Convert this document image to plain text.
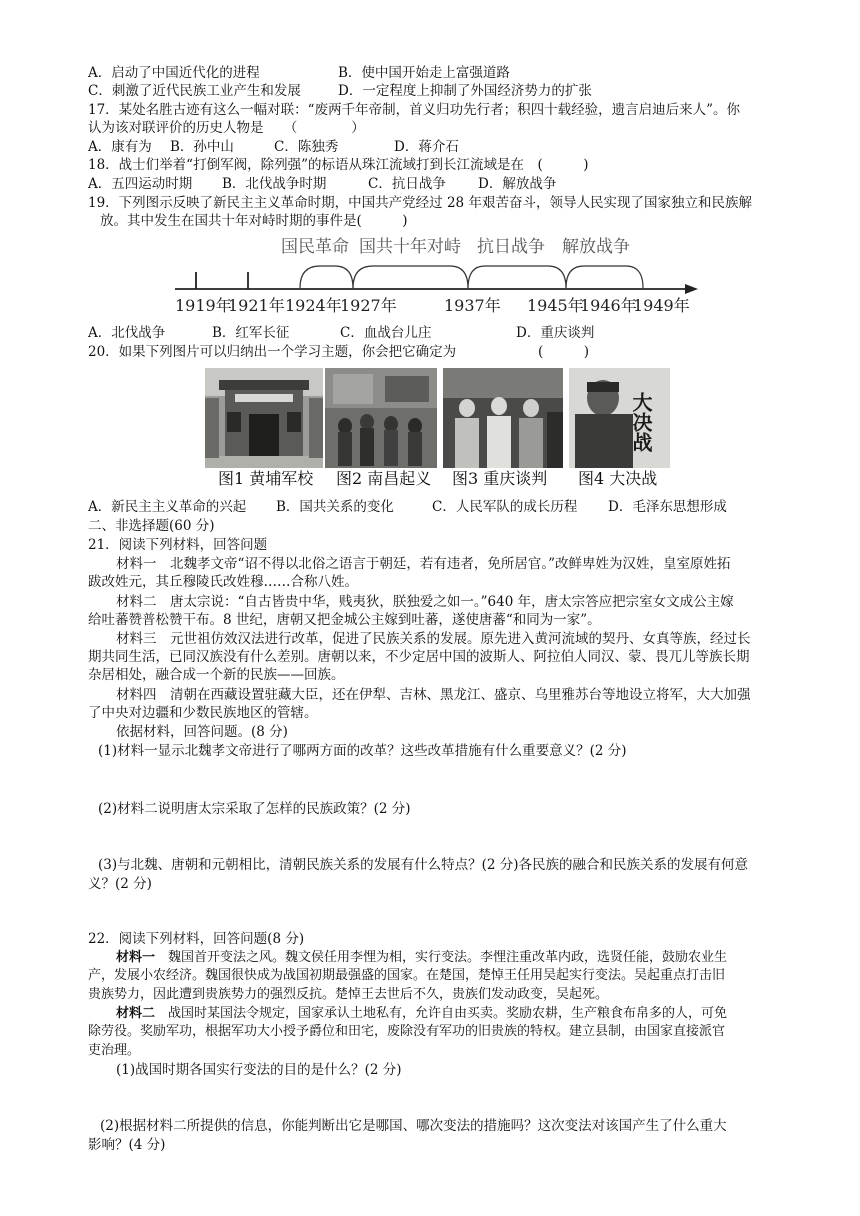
A．启动了中国近代化的进程	B．使中国开始走上富强道路
C．刺激了近代民族工业产生和发展	D．一定程度上抑制了外国经济势力的扩张
17．某处名胜古迹有这么一幅对联：“废两千年帝制，首义归功先行者；积四十载经验，遗言启迪后来人”。你
认为该对联评价的历史人物是　　（　　　　）
A．康有为 B．孙中山	C．陈独秀	D．蒋介石
18．战士们举着“打倒军阀，除列强”的标语从珠江流域打到长江流域是在　(　　　)
A．五四运动时期 B．北伐战争时期	C．抗日战争 D．解放战争
19．下列图示反映了新民主主义革命时期，中国共产党经过 28 年艰苦奋斗，领导人民实现了国家独立和民族解
放。其中发生在国共十年对峙时期的事件是(　　　)
国民革命 国共十年对峙 抗日战争 解放战争
1919年
1921年 1924年
1927年	1937年 1945年
1946年
1949年
A．北伐战争	B．红军长征	C．血战台儿庄	D．重庆谈判
20．如果下列图片可以归纳出一个学习主题，你会把它确定为	(　　　)
大决战
图1 黄埔军校 图2 南昌起义 图3 重庆谈判 图4 大决战
A．新民主主义革命的兴起 B．国共关系的变化	C．人民军队的成长历程 D．毛泽东思想形成
二、非选择题(60 分)
21．阅读下列材料，回答问题
材料一　北魏孝文帝“诏不得以北俗之语言于朝廷，若有违者，免所居官。”改鲜卑姓为汉姓，皇室原姓拓
跋改姓元，其丘穆陵氏改姓穆……合称八姓。
材料二　唐太宗说：“自古皆贵中华，贱夷狄，朕独爱之如一。”640 年，唐太宗答应把宗室女文成公主嫁
给吐蕃赞普松赞干布。8 世纪，唐朝又把金城公主嫁到吐蕃，遂使唐蕃“和同为一家”。
材料三　元世祖仿效汉法进行改革，促进了民族关系的发展。原先进入黄河流域的契丹、女真等族，经过长
期共同生活，已同汉族没有什么差别。唐朝以来，不少定居中国的波斯人、阿拉伯人同汉、蒙、畏兀儿等族长期
杂居相处，融合成一个新的民族——回族。
材料四　清朝在西藏设置驻藏大臣，还在伊犁、吉林、黑龙江、盛京、乌里雅苏台等地设立将军，大大加强
了中央对边疆和少数民族地区的管辖。
依据材料，回答问题。(8 分)
(1)材料一显示北魏孝文帝进行了哪两方面的改革？这些改革措施有什么重要意义？(2 分)
(2)材料二说明唐太宗采取了怎样的民族政策？(2 分)
(3)与北魏、唐朝和元朝相比，清朝民族关系的发展有什么特点？(2 分)各民族的融合和民族关系的发展有何意
义？(2 分)
22．阅读下列材料，回答问题(8 分)
材料一　魏国首开变法之风。魏文侯任用李悝为相，实行变法。李悝注重改革内政，选贤任能，鼓励农业生
产，发展小农经济。魏国很快成为战国初期最强盛的国家。在楚国，楚悼王任用吴起实行变法。吴起重点打击旧
贵族势力，因此遭到贵族势力的强烈反抗。楚悼王去世后不久，贵族们发动政变，吴起死。
材料二　战国时某国法令规定，国家承认土地私有，允许自由买卖。奖励农耕，生产粮食布帛多的人，可免
除劳役。奖励军功，根据军功大小授予爵位和田宅，废除没有军功的旧贵族的特权。建立县制，由国家直接派官
吏治理。
(1)战国时期各国实行变法的目的是什么？(2 分)
(2)根据材料二所提供的信息，你能判断出它是哪国、哪次变法的措施吗？这次变法对该国产生了什么重大
影响？(4 分)
